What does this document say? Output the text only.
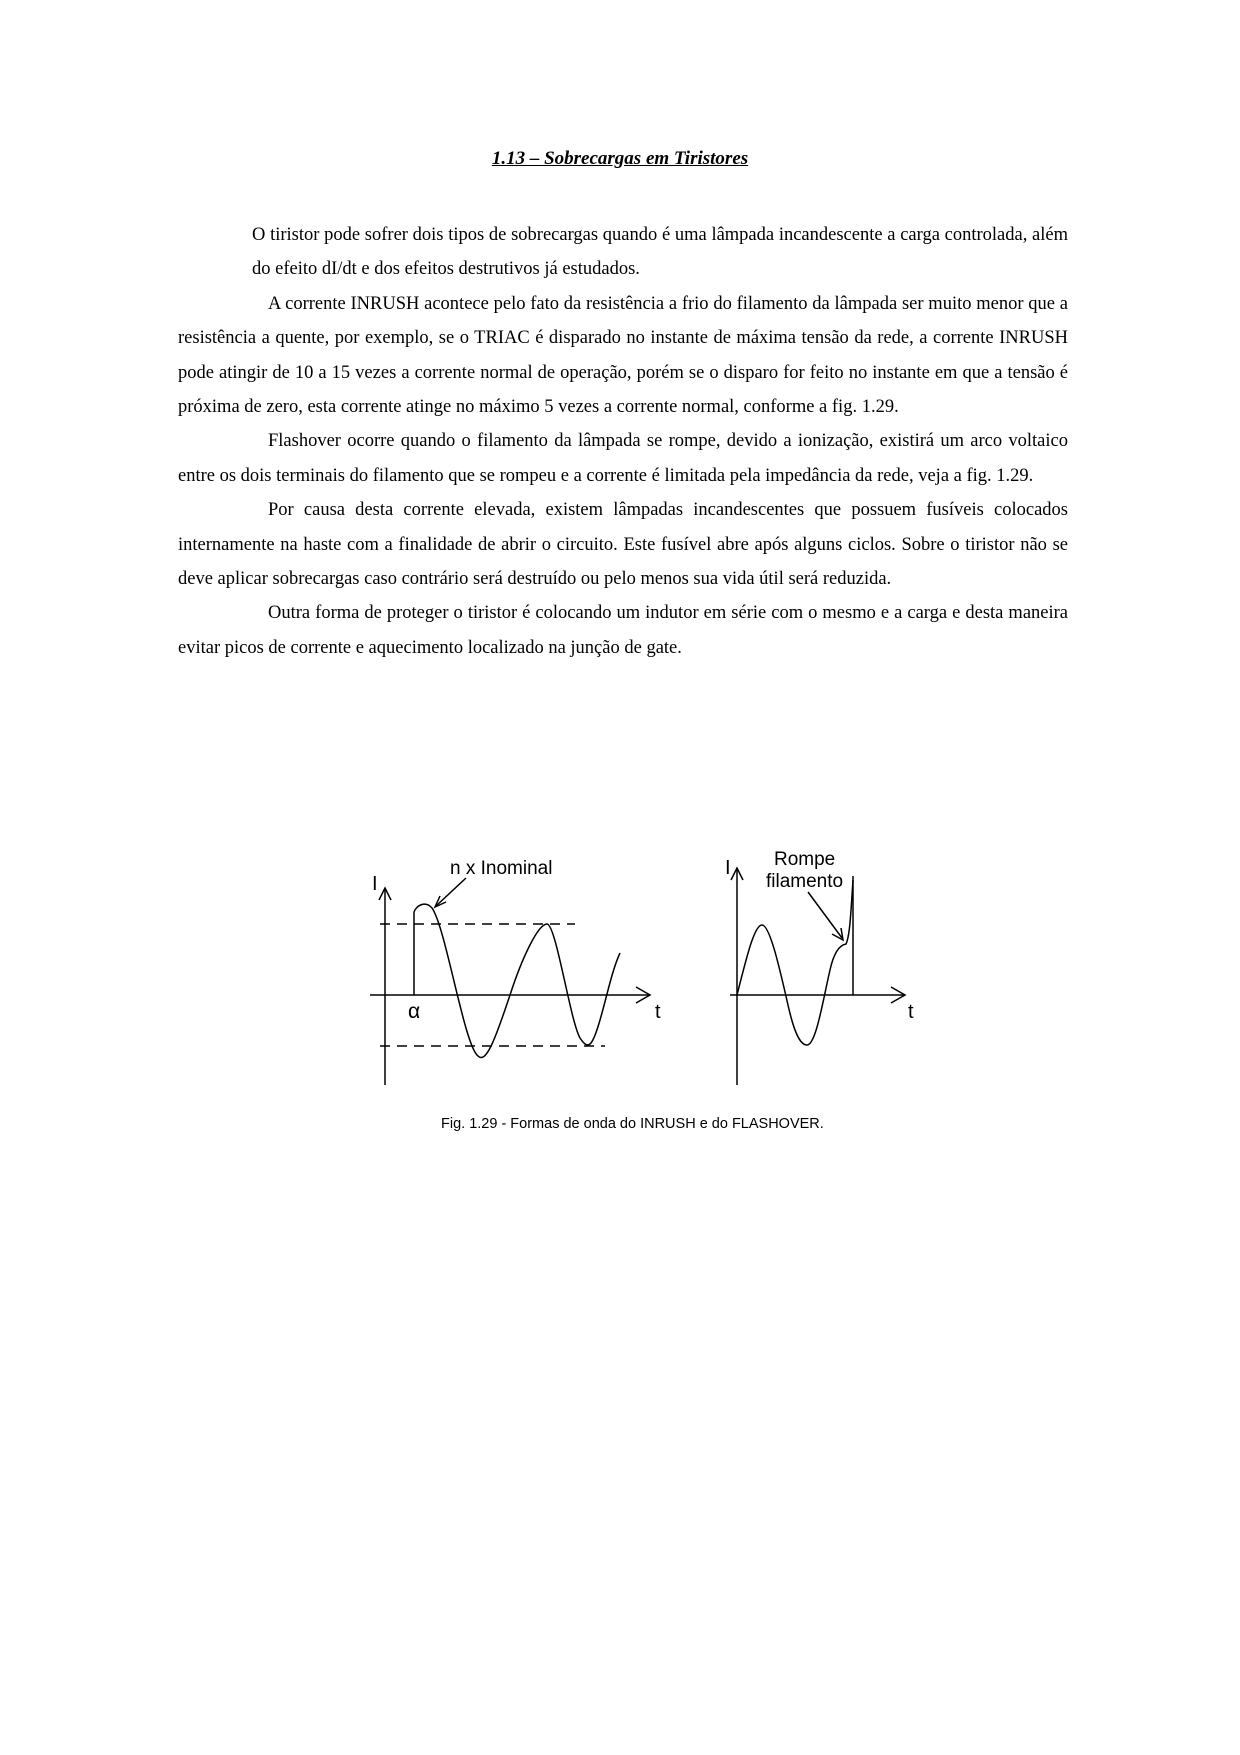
1.13 – Sobrecargas em Tiristores

O tiristor pode sofrer dois tipos de sobrecargas quando é uma lâmpada incandescente a carga controlada, além do efeito dI/dt e dos efeitos destrutivos já estudados.

A corrente INRUSH acontece pelo fato da resistência a frio do filamento da lâmpada ser muito menor que a resistência a quente, por exemplo, se o TRIAC é disparado no instante de máxima tensão da rede, a corrente INRUSH pode atingir de 10 a 15 vezes a corrente normal de operação, porém se o disparo for feito no instante em que a tensão é próxima de zero, esta corrente atinge no máximo 5 vezes a corrente normal, conforme a fig. 1.29.

Flashover ocorre quando o filamento da lâmpada se rompe, devido a ionização, existirá um arco voltaico entre os dois terminais do filamento que se rompeu e a corrente é limitada pela impedância da rede, veja a fig. 1.29.

Por causa desta corrente elevada, existem lâmpadas incandescentes que possuem fusíveis colocados internamente na haste com a finalidade de abrir o circuito. Este fusível abre após alguns ciclos. Sobre o tiristor não se deve aplicar sobrecargas caso contrário será destruído ou pelo menos sua vida útil será reduzida.

Outra forma de proteger o tiristor é colocando um indutor em série com o mesmo e a carga e desta maneira evitar picos de corrente e aquecimento localizado na junção de gate.

I
t
n x Inominal
α
I
t
Rompe
filamento
Fig. 1.29 - Formas de onda do INRUSH e do FLASHOVER.
